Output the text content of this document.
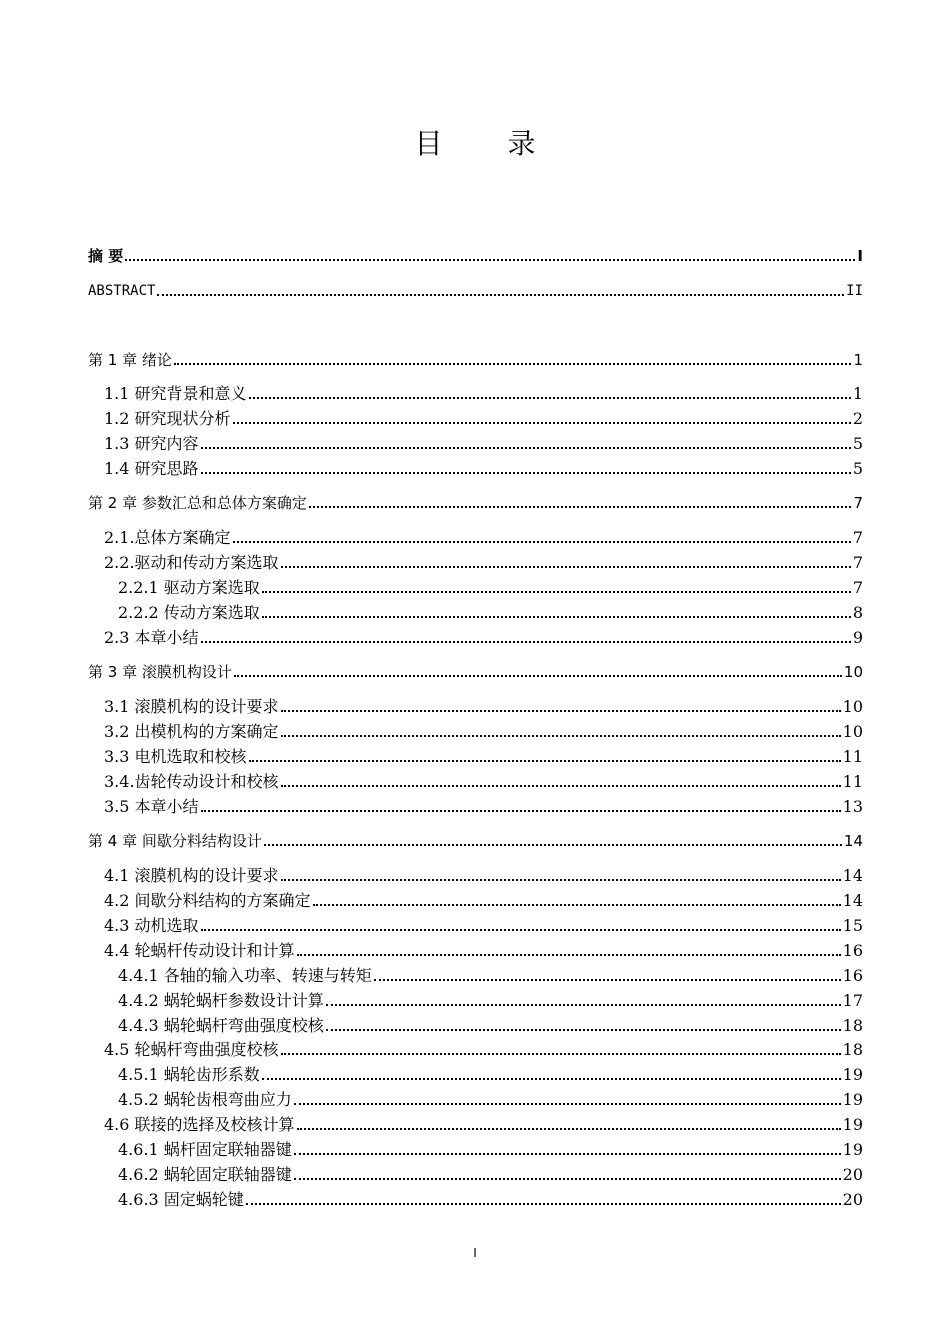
目 录
摘 要	I
ABSTRACT	II
第 1 章 绪论	1
1.1 研究背景和意义	1
1.2 研究现状分析	2
1.3 研究内容	5
1.4 研究思路	5
第 2 章 参数汇总和总体方案确定	7
2.1.总体方案确定	7
2.2.驱动和传动方案选取	7
2.2.1 驱动方案选取	7
2.2.2 传动方案选取	8
2.3 本章小结	9
第 3 章 滚膜机构设计	10
3.1 滚膜机构的设计要求	10
3.2 出模机构的方案确定	10
3.3 电机选取和校核	11
3.4.齿轮传动设计和校核	11
3.5 本章小结	13
第 4 章 间歇分料结构设计	14
4.1 滚膜机构的设计要求	14
4.2 间歇分料结构的方案确定	14
4.3 动机选取	15
4.4 轮蜗杆传动设计和计算	16
4.4.1 各轴的输入功率、转速与转矩	16
4.4.2 蜗轮蜗杆参数设计计算	17
4.4.3 蜗轮蜗杆弯曲强度校核	18
4.5 轮蜗杆弯曲强度校核	18
4.5.1 蜗轮齿形系数	19
4.5.2 蜗轮齿根弯曲应力	19
4.6 联接的选择及校核计算	19
4.6.1 蜗杆固定联轴器键	19
4.6.2 蜗轮固定联轴器键	20
4.6.3 固定蜗轮键	20
I
